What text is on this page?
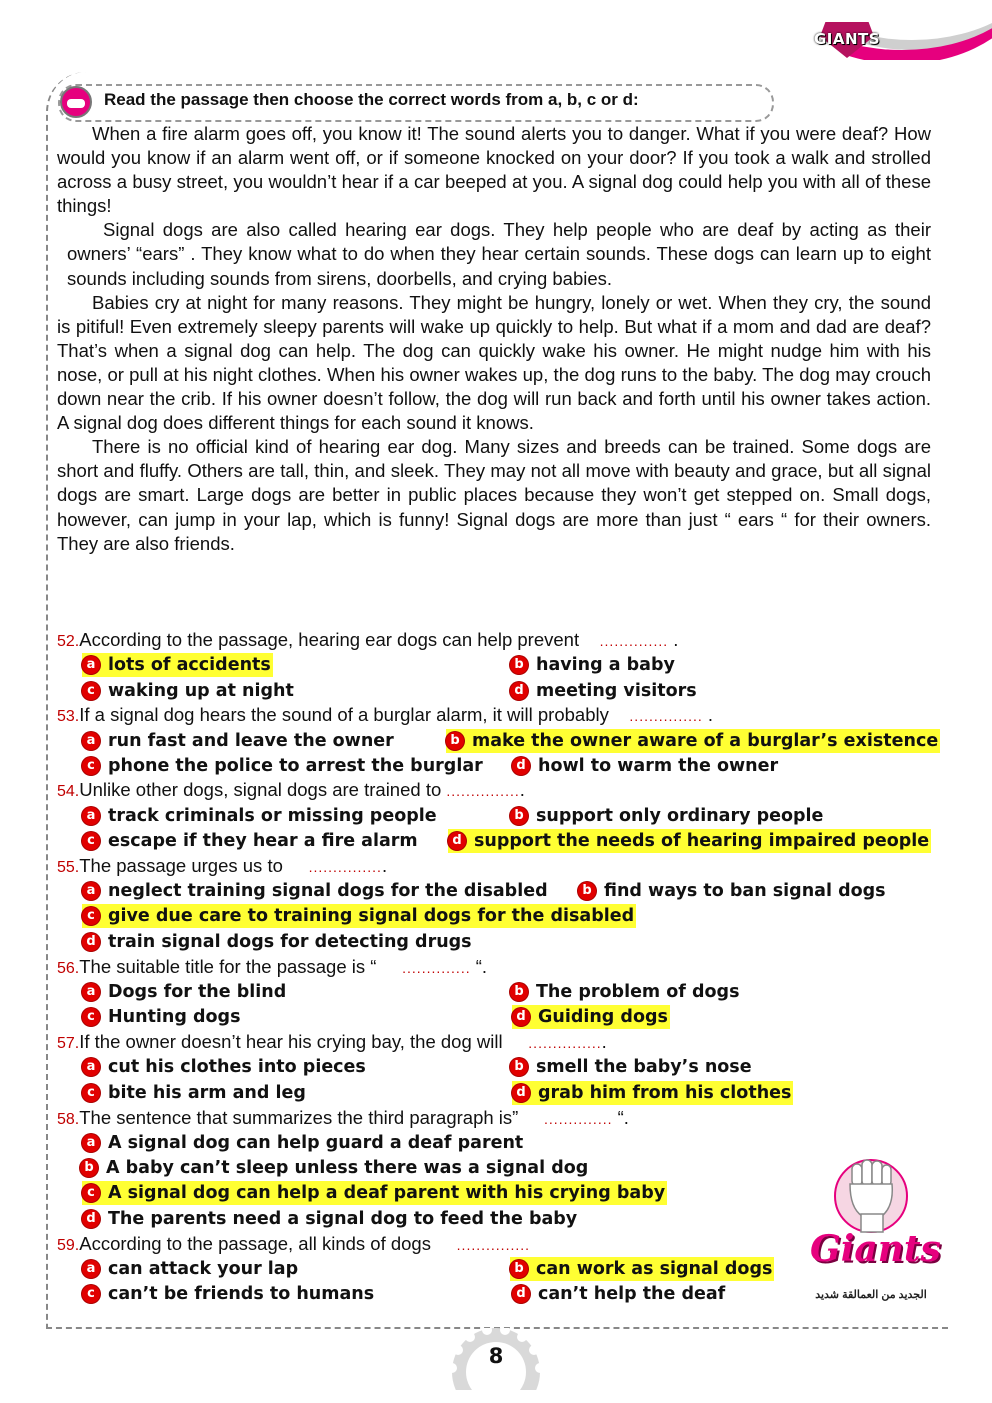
GIANTS
Read the passage then choose the correct words from a, b, c or d:

When a fire alarm goes off, you know it! The sound alerts you to danger. What if you were deaf? How would you know if an alarm went off, or if someone knocked on your door? If you took a walk and strolled across a busy street, you wouldn’t hear if a car beeped at you. A signal dog could help you with all of these things!

Signal dogs are also called hearing ear dogs. They help people who are deaf by acting as their owners’ “ears” . They know what to do when they hear certain sounds. These dogs can learn up to eight sounds including sounds from sirens, doorbells, and crying babies.

Babies cry at night for many reasons. They might be hungry, lonely or wet. When they cry, the sound is pitiful! Even extremely sleepy parents will wake up quickly to help. But what if a mom and dad are deaf? That’s when a signal dog can help. The dog can quickly wake his owner. He might nudge him with his nose, or pull at his night clothes. When his owner wakes up, the dog runs to the baby. The dog may crouch down near the crib. If his owner doesn’t follow, the dog will run back and forth until his owner takes action. A signal dog does different things for each sound it knows.

There is no official kind of hearing ear dog. Many sizes and breeds can be trained. Some dogs are short and fluffy. Others are tall, thin, and sleek. They may not all move with beauty and grace, but all signal dogs are smart. Large dogs are better in public places because they won’t get stepped on. Small dogs, however, can jump in your lap, which is funny! Signal dogs are more than just “ ears “ for their owners. They are also friends.

52.According to the passage, hearing ear dogs can help prevent .............. .
a lots of accidents	b having a baby
c waking up at night	d meeting visitors
53.If a signal dog hears the sound of a burglar alarm, it will probably ............... .
a run fast and leave the owner	b make the owner aware of a burglar’s existence
c phone the police to arrest the burglar	d howl to warm the owner
54.Unlike other dogs, signal dogs are trained to ................
a track criminals or missing people	b support only ordinary people
c escape if they hear a fire alarm	d support the needs of hearing impaired people
55.The passage urges us to ................
a neglect training signal dogs for the disabled	b find ways to ban signal dogs
c give due care to training signal dogs for the disabled
d train signal dogs for detecting drugs
56.The suitable title for the passage is “ .............. “.
a Dogs for the blind	b The problem of dogs
c Hunting dogs	d Guiding dogs
57.If the owner doesn’t hear his crying bay, the dog will ................
a cut his clothes into pieces	b smell the baby’s nose
c bite his arm and leg	d grab him from his clothes
58.The sentence that summarizes the third paragraph is” .............. “.
a A signal dog can help guard a deaf parent
b A baby can’t sleep unless there was a signal dog
c A signal dog can help a deaf parent with his crying baby
d The parents need a signal dog to feed the baby
59.According to the passage, all kinds of dogs ...............
a can attack your lap	b can work as signal dogs
c can’t be friends to humans	d can’t help the deaf
Giants
الجديد من العمالقة شديد
8
